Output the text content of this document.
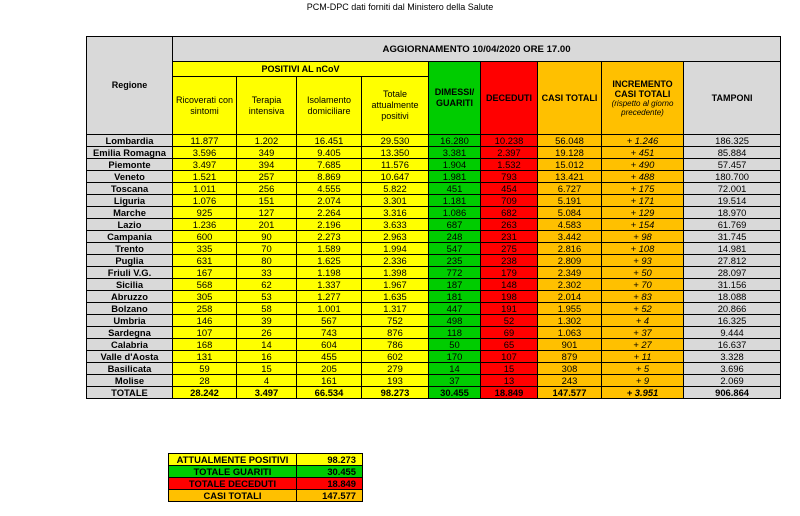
PCM-DPC dati forniti dal Ministero della Salute
Regione	AGGIORNAMENTO 10/04/2020 ORE 17.00								
	POSITIVI AL nCoV				DIMESSI/ GUARITI	DECEDUTI	CASI TOTALI	INCREMENTO CASI TOTALI
(rispetto al giorno precedente)	TAMPONI
	Ricoverati con sintomi	Terapia intensiva	Isolamento domiciliare	Totale attualmente positivi					
Lombardia	11.877	1.202	16.451	29.530	16.280	10.238	56.048	+ 1.246	186.325
Emilia Romagna	3.596	349	9.405	13.350	3.381	2.397	19.128	+ 451	85.884
Piemonte	3.497	394	7.685	11.576	1.904	1.532	15.012	+ 490	57.457
Veneto	1.521	257	8.869	10.647	1.981	793	13.421	+ 488	180.700
Toscana	1.011	256	4.555	5.822	451	454	6.727	+ 175	72.001
Liguria	1.076	151	2.074	3.301	1.181	709	5.191	+ 171	19.514
Marche	925	127	2.264	3.316	1.086	682	5.084	+ 129	18.970
Lazio	1.236	201	2.196	3.633	687	263	4.583	+ 154	61.769
Campania	600	90	2.273	2.963	248	231	3.442	+ 98	31.745
Trento	335	70	1.589	1.994	547	275	2.816	+ 108	14.981
Puglia	631	80	1.625	2.336	235	238	2.809	+ 93	27.812
Friuli V.G.	167	33	1.198	1.398	772	179	2.349	+ 50	28.097
Sicilia	568	62	1.337	1.967	187	148	2.302	+ 70	31.156
Abruzzo	305	53	1.277	1.635	181	198	2.014	+ 83	18.088
Bolzano	258	58	1.001	1.317	447	191	1.955	+ 52	20.866
Umbria	146	39	567	752	498	52	1.302	+ 4	16.325
Sardegna	107	26	743	876	118	69	1.063	+ 37	9.444
Calabria	168	14	604	786	50	65	901	+ 27	16.637
Valle d'Aosta	131	16	455	602	170	107	879	+ 11	3.328
Basilicata	59	15	205	279	14	15	308	+ 5	3.696
Molise	28	4	161	193	37	13	243	+ 9	2.069
TOTALE	28.242	3.497	66.534	98.273	30.455	18.849	147.577	+ 3.951	906.864
ATTUALMENTE POSITIVI	98.273
TOTALE GUARITI	30.455
TOTALE DECEDUTI	18.849
CASI TOTALI	147.577
